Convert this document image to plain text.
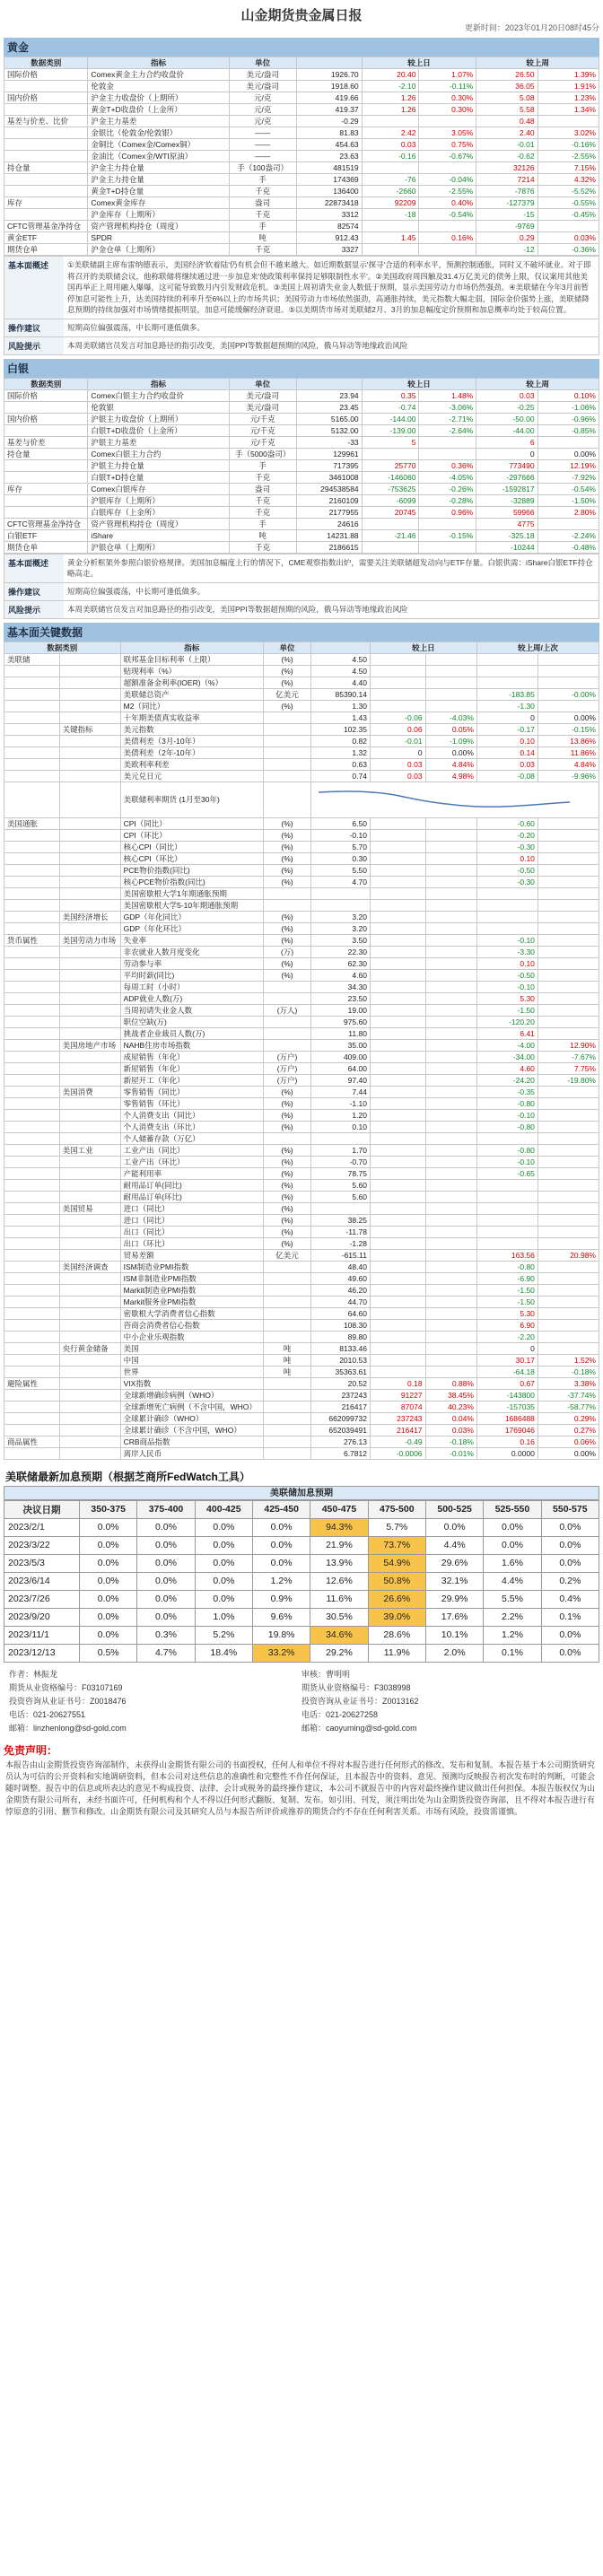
山金期货贵金属日报
更新时间：2023年01月20日08时45分
黄金
数据类别	指标	单位		较上日		较上周	
国际价格	Comex黄金主力合约收盘价	美元/盎司	1926.70	20.40	1.07%	26.50	1.39%
	伦敦金	美元/盎司	1918.60	-2.10	-0.11%	36.05	1.91%
国内价格	沪金主力收盘价（上期所）	元/克	419.66	1.26	0.30%	5.08	1.23%
	黄金T+D收盘价（上金所）	元/克	419.37	1.26	0.30%	5.58	1.34%
基差与价差、比价	沪金主力基差	元/克	-0.29			0.48	
	金银比（伦敦金/伦敦银）	——	81.83	2.42	3.05%	2.40	3.02%
	金铜比（Comex金/Comex铜）	——	454.63	0.03	0.75%	-0.01	-0.16%
	金油比（Comex金/WTI原油）	——	23.63	-0.16	-0.67%	-0.62	-2.55%
持仓量	沪金主力持仓量	手（100盎司）	481519			32126	7.15%
	沪金主力持仓量	手	174369	-76	-0.04%	7214	4.32%
	黄金T+D持仓量	千克	136400	-2660	-2.55%	-7876	-5.52%
库存	Comex黄金库存	盎司	22873418	92209	0.40%	-127379	-0.55%
	沪金库存（上期所）	千克	3312	-18	-0.54%	-15	-0.45%
CFTC管理基金净持仓	资产管理机构持仓（周度）	手	82574			-9769	
黄金ETF	SPDR	吨	912.43	1.45	0.16%	0.29	0.03%
期货仓单	沪金仓单（上期所）	千克	3327			-12	-0.36%
基本面概述	①美联储副主席布雷纳德表示，美国经济'软着陆'仍有机会但不越来越大。如近期数据显示'探寻'合适的利率水平，预测控制通胀，同时又不破坏就业。对于即将召开的美联储会议，他称联储将继续通过进一步加息来'使政策利率保持足够限制性水平'。②美国政府周四触及31.4万亿美元的债务上限，仅议案用其他美国再举正上周用融入爆爆，这可能导致数月内引发财政危机。③美国上周初请失业金人数低于预期，显示美国劳动力市场仍然强劲。④美联储在今年3月前暂停加息可能性上升，达美国持续的利率升至6%以上的市场共识；美国劳动力市场依然强劲，高通胀持续，美元指数大幅走弱，国际金价强势上涨，美联储降息预期的持续加强对市场情绪提振明显，加息可能缓解经济衰退。⑤以美期货市场对美联储2月、3月的加息幅度定价预期和加息概率均处于较高位置。
操作建议	短期高位偏强震荡，中长期可逢低做多。
风险提示	本周美联储官员发言对加息路径的指引改变，美国PPI等数据超预期的风险，俄乌异动等地缘政治风险
白银
数据类别	指标	单位		较上日		较上周	
国际价格	Comex白银主力合约收盘价	美元/盎司	23.94	0.35	1.48%	0.03	0.10%
	伦敦银	美元/盎司	23.45	-0.74	-3.06%	-0.25	-1.06%
国内价格	沪银主力收盘价（上期所）	元/千克	5165.00	-144.00	-2.71%	-50.00	-0.96%
	白银T+D收盘价（上金所）	元/千克	5132.00	-139.00	-2.64%	-44.00	-0.85%
基差与价差	沪银主力基差	元/千克	-33	5		6	
持仓量	Comex白银主力合约	手（5000盎司）	129961			0	0.00%
	沪银主力持仓量	手	717395	25770	0.36%	773490	12.19%
	白银T+D持仓量	千克	3461008	-146060	-4.05%	-297666	-7.92%
库存	Comex白银库存	盎司	294538584	-753625	-0.26%	-1592817	-0.54%
	沪银库存（上期所）	千克	2160109	-6099	-0.28%	-32889	-1.50%
	白银库存（上金所）	千克	2177955	20745	0.96%	59966	2.80%
CFTC管理基金净持仓	资产管理机构持仓（周度）	手	24616			4775	
白银ETF	iShare	吨	14231.88	-21.46	-0.15%	-325.18	-2.24%
期货仓单	沪银仓单（上期所）	千克	2186615			-10244	-0.48%
基本面概述	黄金分析框架外参照白银价格规律。美国加息幅度上行的情况下，CME观察指数出炉，需要关注美联储超发动向与ETF存量。白银供需：iShare白银ETF持仓略高走。
操作建议	短期高位偏强震荡，中长期可逢低做多。
风险提示	本周美联储官员发言对加息路径的指引改变，美国PPI等数据超预期的风险，俄乌异动等地缘政治风险
基本面关键数据
数据类别		指标	单位		较上日		较上周/上次	
美联储		联邦基金目标利率（上限）	(%)	4.50				
		贴现利率（%）	(%)	4.50				
		超额准备金利率(IOER)（%）	(%)	4.40				
		美联储总资产	亿美元	85390.14			-183.85	-0.00%
		M2（同比）	(%)	1.30			-1.30	
		十年期美债真实收益率		1.43	-0.06	-4.03%	0	0.00%
	关键指标	美元指数		102.35	0.06	0.05%	-0.17	-0.15%
		美债利差（3月-10年）		0.82	-0.01	-1.09%	0.10	13.86%
		美债利差（2年-10年）		1.32	0	0.00%	0.14	11.86%
		美欧利率利差		0.63	0.03	4.84%	0.03	4.84%
		美元兑日元		0.74	0.03	4.98%	-0.08	-9.96%
		美联储利率期货 (1月至30年)		

美国通胀		CPI（同比）	(%)	6.50			-0.60	
		CPI（环比）	(%)	-0.10			-0.20	
		核心CPI（同比）	(%)	5.70			-0.30	
		核心CPI（环比）	(%)	0.30			0.10	
		PCE物价指数(同比)	(%)	5.50			-0.50	
		核心PCE物价指数(同比)	(%)	4.70			-0.30	
		美国密歇根大学1年期通胀预期						
		美国密歇根大学5-10年期通胀预期						
	美国经济增长	GDP（年化同比）	(%)	3.20				
		GDP（年化环比）	(%)	3.20				
货币属性	美国劳动力市场	失业率	(%)	3.50			-0.10	
		非农就业人数月度变化	(万)	22.30			-3.30	
		劳动参与率	(%)	62.30			0.10	
		平均时薪(同比)	(%)	4.60			-0.50	
		每周工时（小时）		34.30			-0.10	
		ADP就业人数(万)		23.50			5.30	
		当周初请失业金人数	(万人)	19.00			-1.50	
		职位空缺(万)		975.60			-120.20	
		挑战者企业裁员人数(万)		11.80			6.41	
	美国房地产市场	NAHB住房市场指数		35.00			-4.00	12.90%
		成屋销售（年化）	(万户)	409.00			-34.00	-7.67%
		新屋销售（年化）	(万户)	64.00			4.60	7.75%
		新屋开工（年化）	(万户)	97.40			-24.20	-19.80%
	美国消费	零售销售（同比）	(%)	7.44			-0.35	
		零售销售（环比）	(%)	-1.10			-0.80	
		个人消费支出（同比）	(%)	1.20			-0.10	
		个人消费支出（环比）	(%)	0.10			-0.80	
		个人储蓄存款（万亿）						
	美国工业	工业产出（同比）	(%)	1.70			-0.80	
		工业产出（环比）	(%)	-0.70			-0.10	
		产能利用率	(%)	78.75			-0.65	
		耐用品订单(同比)	(%)	5.60				
		耐用品订单(环比)	(%)	5.60				
	美国贸易	进口（同比）	(%)					
		进口（同比）	(%)	38.25				
		出口（同比）	(%)	-11.78				
		出口（环比）	(%)	-1.28				
		贸易差额	亿美元	-615.11			163.56	20.98%
	美国经济调查	ISM制造业PMI指数		48.40			-0.80	
		ISM非制造业PMI指数		49.60			-6.90	
		Markit制造业PMI指数		46.20			-1.50	
		Markit服务业PMI指数		44.70			-1.50	
		密歇根大学消费者信心指数		64.60			5.30	
		咨商会消费者信心指数		108.30			6.90	
		中小企业乐观指数		89.80			-2.20	
	央行黄金储备	美国	吨	8133.46			0	
		中国	吨	2010.53			30.17	1.52%
		世界	吨	35363.61			-64.18	-0.18%
避险属性		VIX指数		20.52	0.18	0.88%	0.67	3.38%
		全球新增确诊病例（WHO）		237243	91227	38.45%	-143800	-37.74%
		全球新增死亡病例（不含中国，WHO）		216417	87074	40.23%	-157035	-58.77%
		全球累计确诊（WHO）		662099732	237243	0.04%	1686488	0.29%
		全球累计确诊（不含中国，WHO）		652039491	216417	0.03%	1769046	0.27%
商品属性		CRB商品指数		276.13	-0.49	-0.18%	0.16	0.06%
		离岸人民币		6.7812	-0.0006	-0.01%	0.0000	0.00%
美联储最新加息预期（根据芝商所FedWatch工具）
美联储加息预期
决议日期	350-375	375-400	400-425	425-450	450-475	475-500	500-525	525-550	550-575
2023/2/1	0.0%	0.0%	0.0%	0.0%	94.3%	5.7%	0.0%	0.0%	0.0%
2023/3/22	0.0%	0.0%	0.0%	0.0%	21.9%	73.7%	4.4%	0.0%	0.0%
2023/5/3	0.0%	0.0%	0.0%	0.0%	13.9%	54.9%	29.6%	1.6%	0.0%
2023/6/14	0.0%	0.0%	0.0%	1.2%	12.6%	50.8%	32.1%	4.4%	0.2%
2023/7/26	0.0%	0.0%	0.0%	0.9%	11.6%	26.6%	29.9%	5.5%	0.4%
2023/9/20	0.0%	0.0%	1.0%	9.6%	30.5%	39.0%	17.6%	2.2%	0.1%
2023/11/1	0.0%	0.3%	5.2%	19.8%	34.6%	28.6%	10.1%	1.2%	0.0%
2023/12/13	0.5%	4.7%	18.4%	33.2%	29.2%	11.9%	2.0%	0.1%	0.0%
作者：林振龙	审核：曹明明
期货从业资格编号：F03107169	期货从业资格编号：F3038998
投资咨询从业证书号：Z0018476	投资咨询从业证书号：Z0013162
电话：021-20627551	电话：021-20627258
邮箱：linzhenlong@sd-gold.com	邮箱：caoyuming@sd-gold.com
免责声明：
本报告由山金期货投资咨询部制作，未获得山金期货有限公司的书面授权，任何人和单位不得对本报告进行任何形式的修改、发布和复制。本报告基于本公司期货研究员认为可信的公开资料和实地调研资料，但本公司对这些信息的准确性和完整性不作任何保证，且本报告中的资料、意见、预测均反映报告初次发布时的判断，可能会随时调整。报告中的信息或所表达的意见不构成投资、法律、会计或税务的最终操作建议，本公司不就报告中的内容对最终操作建议做出任何担保。本报告版权仅为山金期货有限公司所有，未经书面许可，任何机构和个人不得以任何形式翻版、复制、发布。如引用、刊发，须注明出处为山金期货投资咨询部，且不得对本报告进行有悖原意的引用、删节和修改。山金期货有限公司及其研究人员与本报告所评价或推荐的期货合约不存在任何利害关系。市场有风险，投资需谨慎。
